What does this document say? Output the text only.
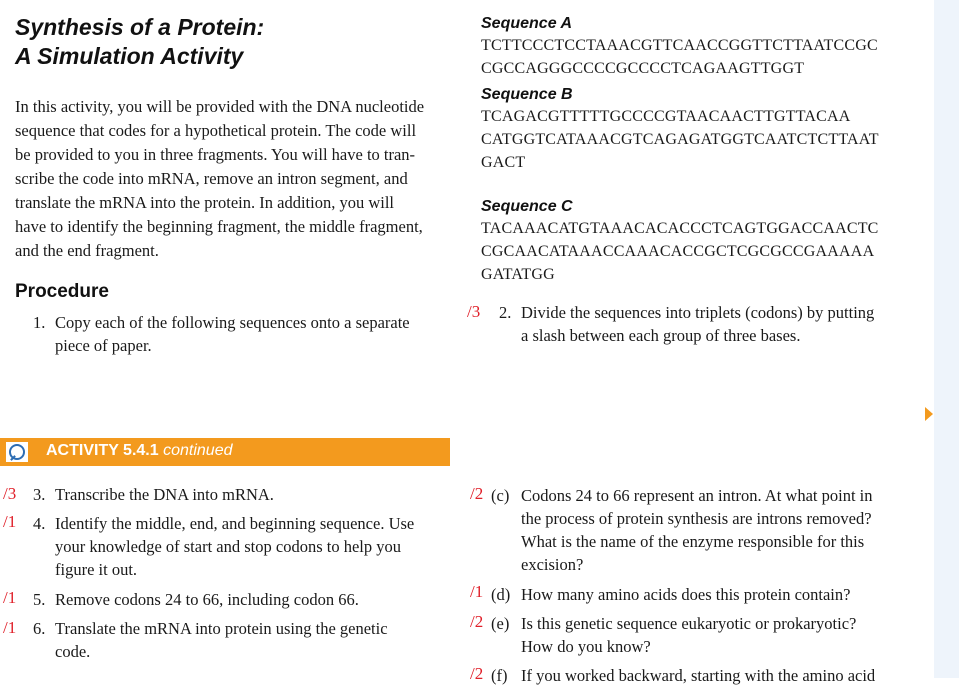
Synthesis of a Protein:
A Simulation Activity
In this activity, you will be provided with the DNA nucleotide
sequence that codes for a hypothetical protein. The code will
be provided to you in three fragments. You will have to tran-
scribe the code into mRNA, remove an intron segment, and
translate the mRNA into the protein. In addition, you will
have to identify the beginning fragment, the middle fragment,
and the end fragment.
Procedure
1. Copy each of the following sequences onto a separate
piece of paper.
Sequence A
TCTTCCCTCCTAAACGTTCAACCGGTTCTTAATCCGC
CGCCAGGGCCCCGCCCCTCAGAAGTTGGT
Sequence B
TCAGACGTTTTTGCCCCGTAACAACTTGTTACAA
CATGGTCATAAACGTCAGAGATGGTCAATCTCTTAAT
GACT
Sequence C
TACAAACATGTAAACACACCCTCAGTGGACCAACTC
CGCAACATAAACCAAACACCGCTCGCGCCGAAAAA
GATATGG
/3 2. Divide the sequences into triplets (codons) by putting
a slash between each group of three bases.
ACTIVITY 5.4.1 continued
/3 3. Transcribe the DNA into mRNA.
/1 4. Identify the middle, end, and beginning sequence. Use
your knowledge of start and stop codons to help you
figure it out.
/1 5. Remove codons 24 to 66, including codon 66.
/1 6. Translate the mRNA into protein using the genetic
code.
/2 (c) Codons 24 to 66 represent an intron. At what point in
the process of protein synthesis are introns removed?
What is the name of the enzyme responsible for this
excision?
/1 (d) How many amino acids does this protein contain?
/2 (e) Is this genetic sequence eukaryotic or prokaryotic?
How do you know?
/2 (f) If you worked backward, starting with the amino acid
